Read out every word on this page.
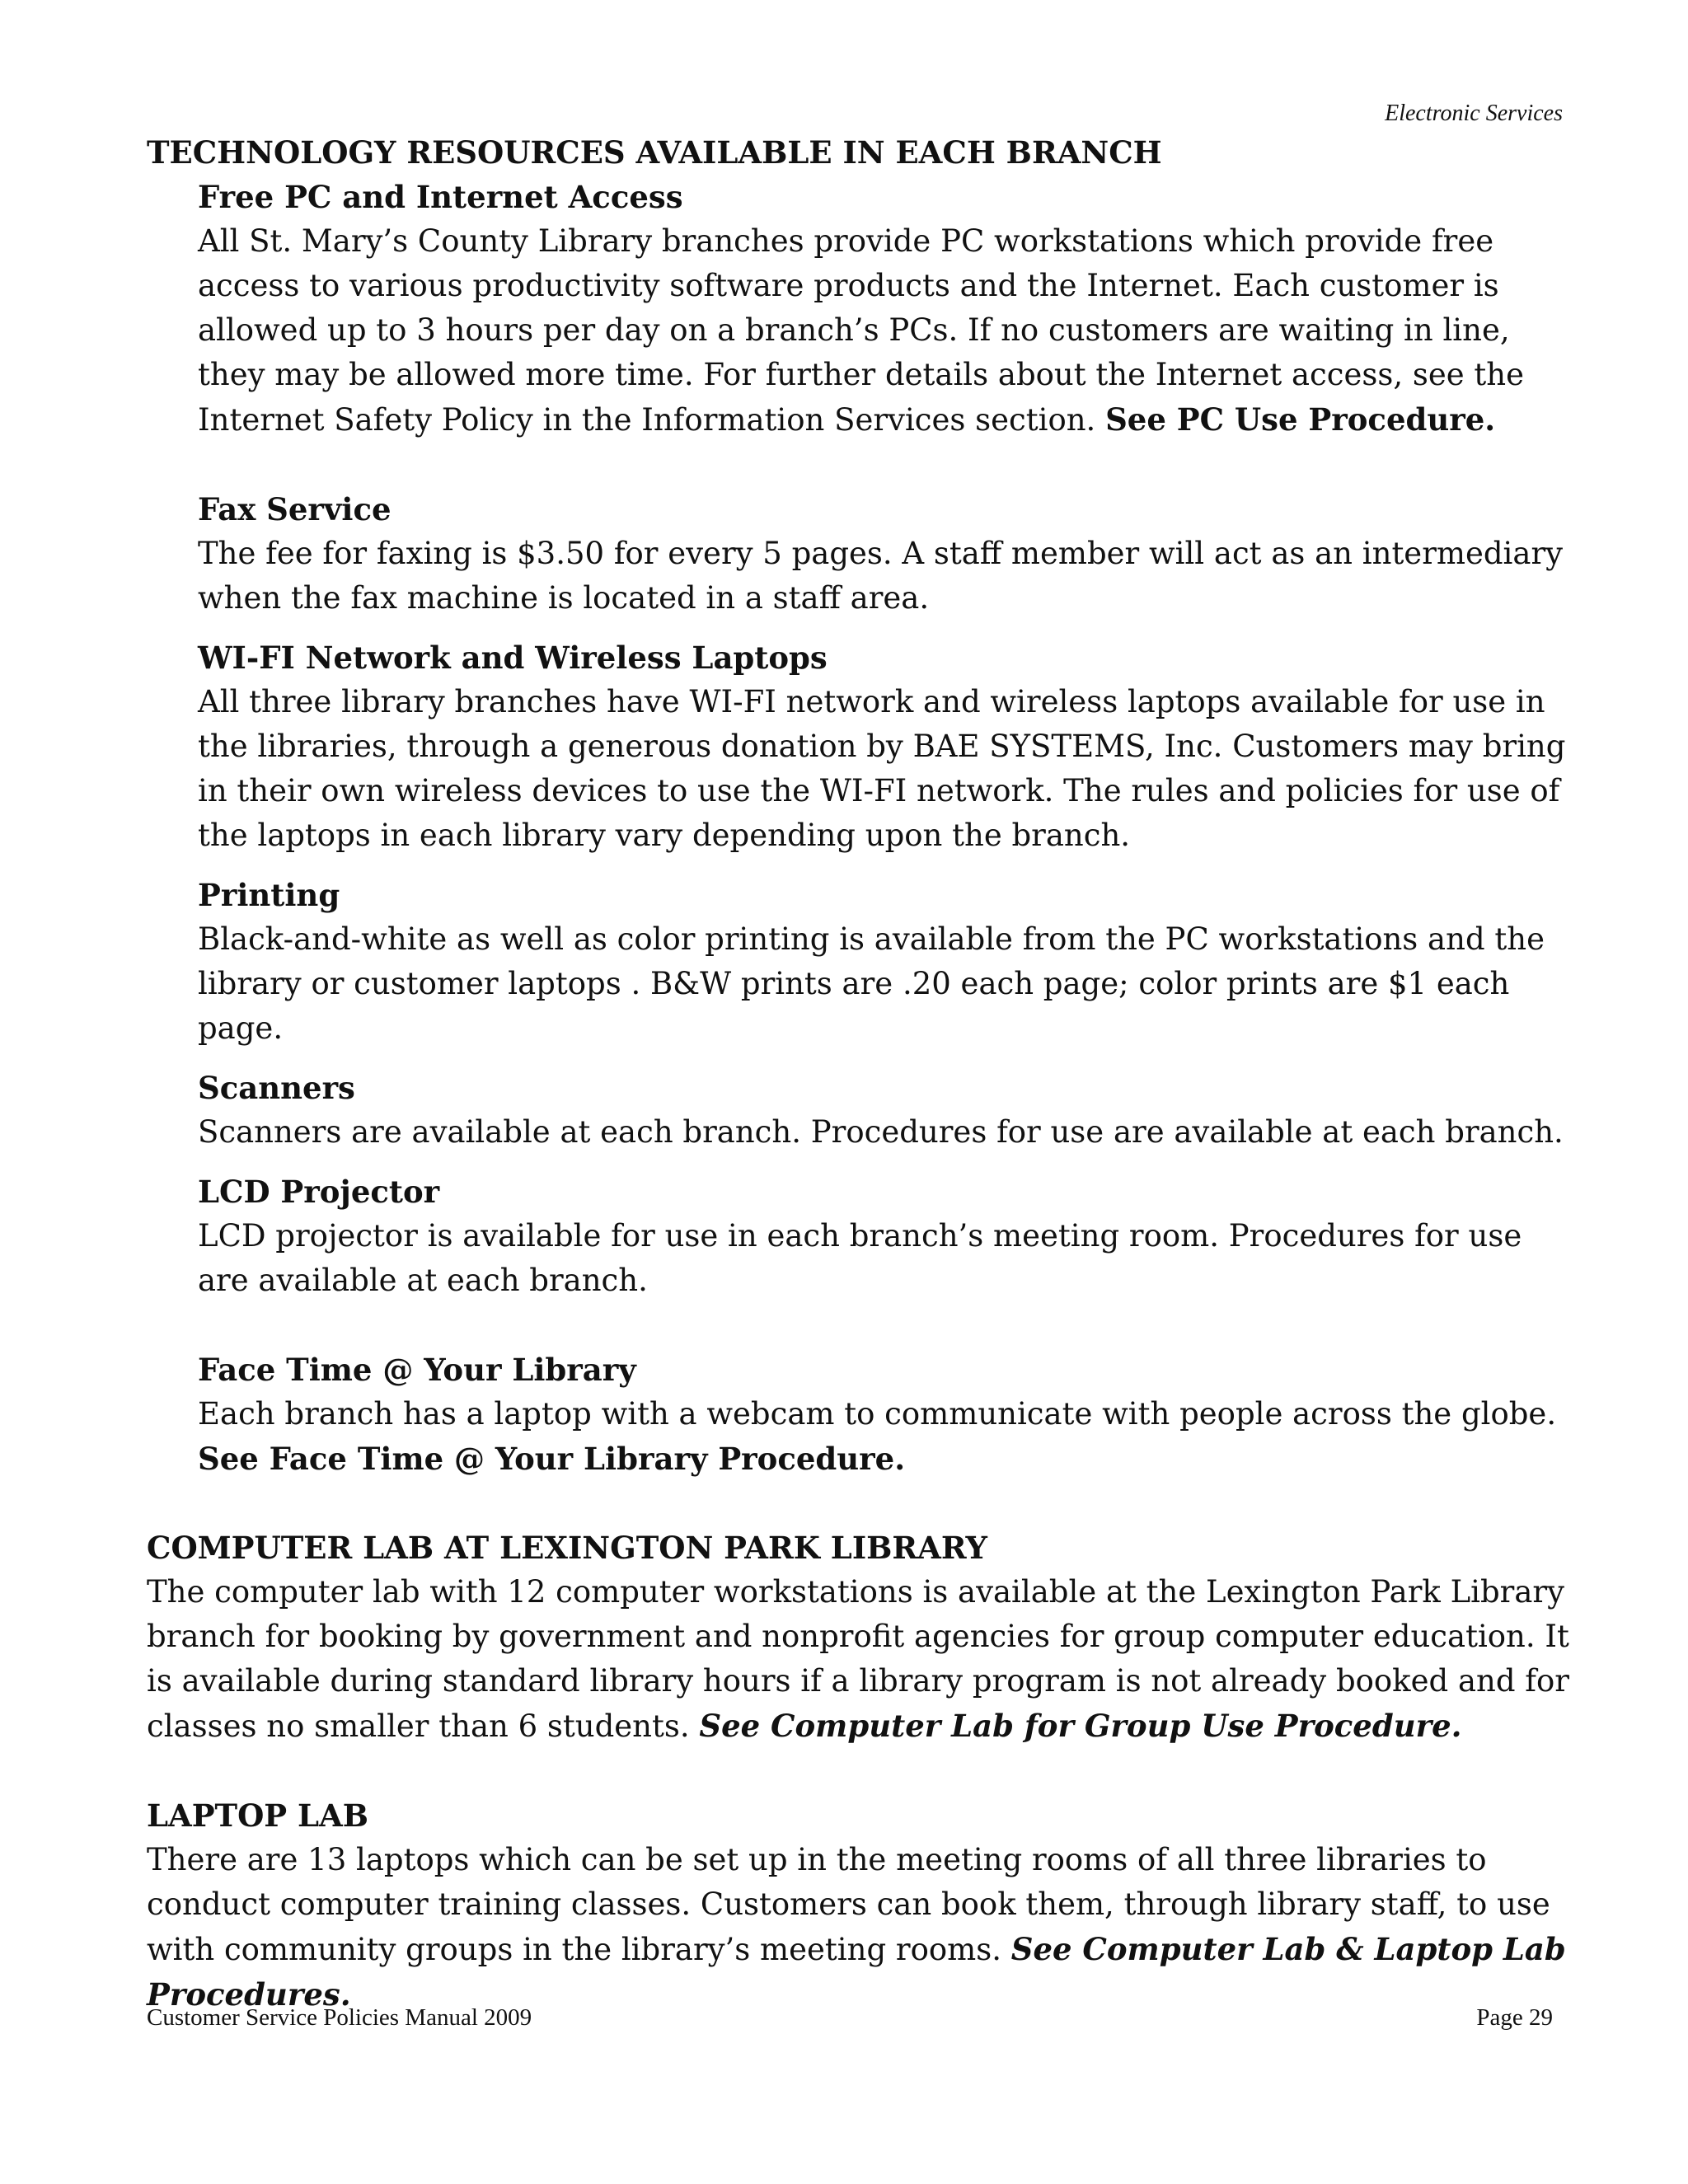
Electronic Services
TECHNOLOGY RESOURCES AVAILABLE IN EACH BRANCH
Free PC and Internet Access

All St. Mary’s County Library branches provide PC workstations which provide free access to various productivity software products and the Internet. Each customer is allowed up to 3 hours per day on a branch’s PCs. If no customers are waiting in line, they may be allowed more time. For further details about the Internet access, see the Internet Safety Policy in the Information Services section. See PC Use Procedure.

Fax Service

The fee for faxing is $3.50 for every 5 pages. A staff member will act as an intermediary when the fax machine is located in a staff area.

WI-FI Network and Wireless Laptops

All three library branches have WI-FI network and wireless laptops available for use in the libraries, through a generous donation by BAE SYSTEMS, Inc. Customers may bring in their own wireless devices to use the WI-FI network. The rules and policies for use of the laptops in each library vary depending upon the branch.

Printing

Black-and-white as well as color printing is available from the PC workstations and the library or customer laptops . B&W prints are .20 each page; color prints are $1 each page.

Scanners

Scanners are available at each branch. Procedures for use are available at each branch.

LCD Projector

LCD projector is available for use in each branch’s meeting room. Procedures for use are available at each branch.

Face Time @ Your Library

Each branch has a laptop with a webcam to communicate with people across the globe.

See Face Time @ Your Library Procedure.

COMPUTER LAB AT LEXINGTON PARK LIBRARY

The computer lab with 12 computer workstations is available at the Lexington Park Library branch for booking by government and nonprofit agencies for group computer education. It is available during standard library hours if a library program is not already booked and for classes no smaller than 6 students. See Computer Lab for Group Use Procedure.

LAPTOP LAB

There are 13 laptops which can be set up in the meeting rooms of all three libraries to conduct computer training classes. Customers can book them, through library staff, to use with community groups in the library’s meeting rooms. See Computer Lab & Laptop Lab Procedures.

Customer Service Policies Manual 2009	Page 29
